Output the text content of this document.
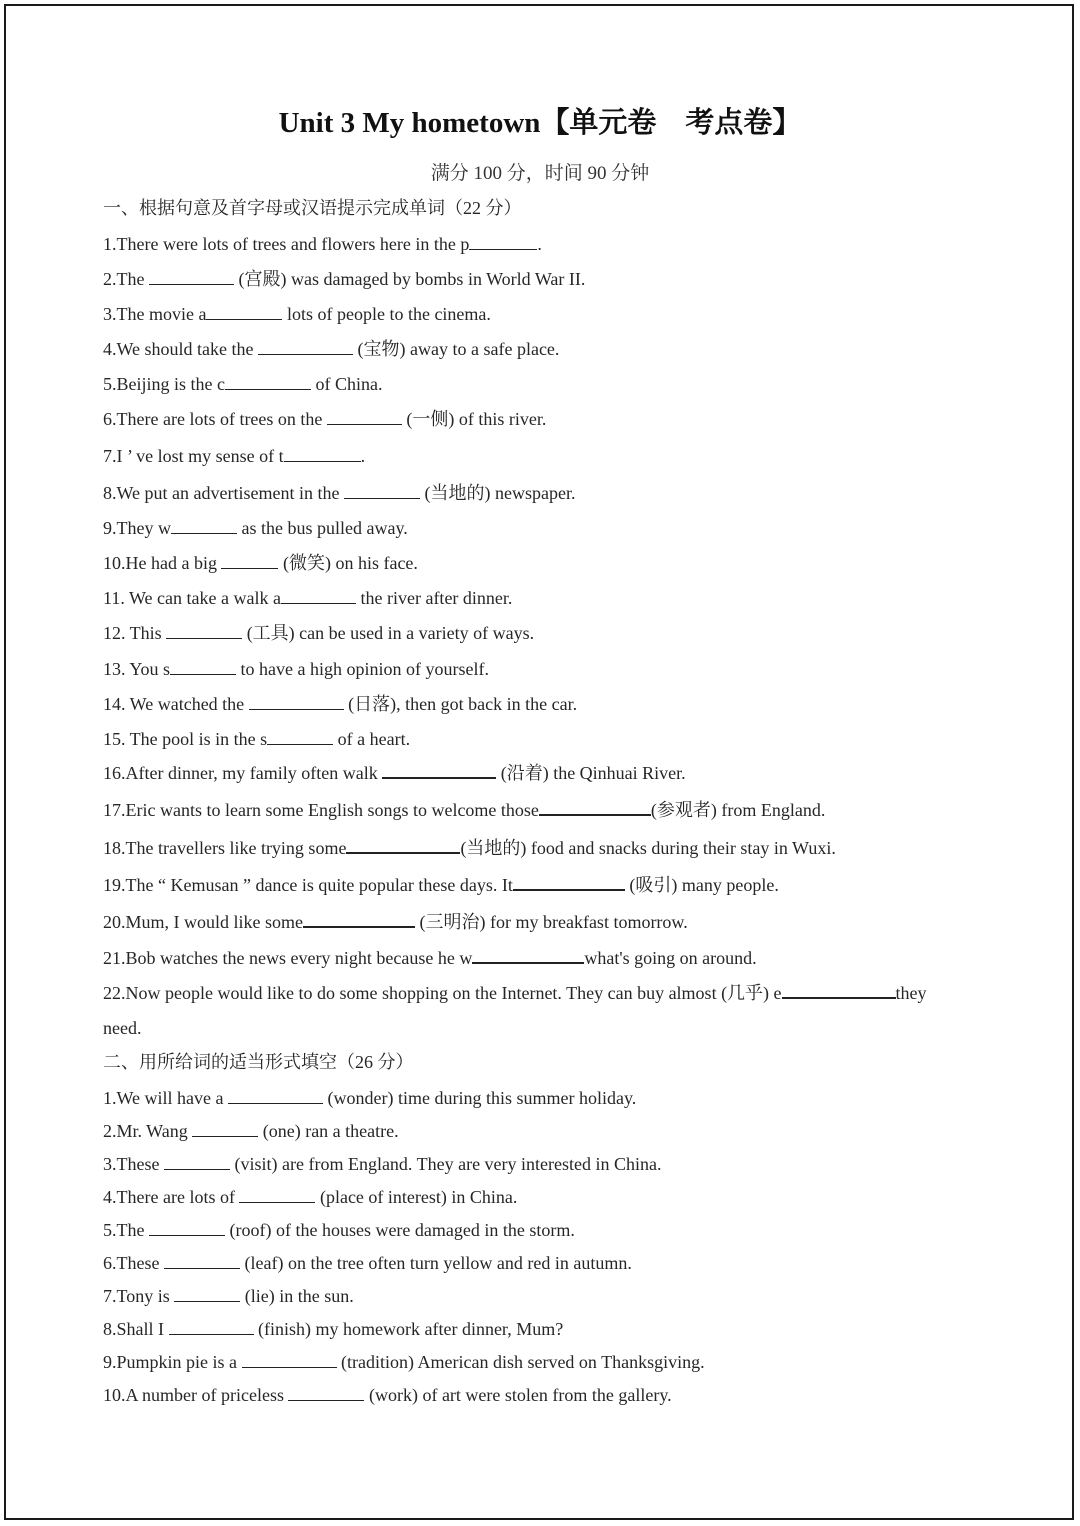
Unit 3 My hometown【单元卷　考点卷】
满分 100 分，时间 90 分钟
一、根据句意及首字母或汉语提示完成单词（22 分）
1.There were lots of trees and flowers here in the p	.
2.The	(宫殿) was damaged by bombs in World War II.
3.The movie a	lots of people to the cinema.
4.We should take the	(宝物) away to a safe place.
5.Beijing is the c	of China.
6.There are lots of trees on the	(一侧) of this river.
7.I ’ ve lost my sense of t	.
8.We put an advertisement in the	(当地的) newspaper.
9.They w	as the bus pulled away.
10.He had a big	(微笑) on his face.
11. We can take a walk a	the river after dinner.
12. This	(工具) can be used in a variety of ways.
13. You s	to have a high opinion of yourself.
14. We watched the	(日落), then got back in the car.
15. The pool is in the s	of a heart.
16.After dinner, my family often walk	(沿着) the Qinhuai River.
17.Eric wants to learn some English songs to welcome those	(参观者) from England.
18.The travellers like trying some	(当地的) food and snacks during their stay in Wuxi.
19.The “ Kemusan ” dance is quite popular these days. It	(吸引) many people.
20.Mum, I would like some	(三明治) for my breakfast tomorrow.
21.Bob watches the news every night because he w	what's going on around.
22.Now people would like to do some shopping on the Internet. They can buy almost (几乎) e	they
need.
二、用所给词的适当形式填空（26 分）
1.We will have a	(wonder) time during this summer holiday.
2.Mr. Wang	(one) ran a theatre.
3.These	(visit) are from England. They are very interested in China.
4.There are lots of	(place of interest) in China.
5.The	(roof) of the houses were damaged in the storm.
6.These	(leaf) on the tree often turn yellow and red in autumn.
7.Tony is	(lie) in the sun.
8.Shall I	(finish) my homework after dinner, Mum?
9.Pumpkin pie is a	(tradition) American dish served on Thanksgiving.
10.A number of priceless	(work) of art were stolen from the gallery.
